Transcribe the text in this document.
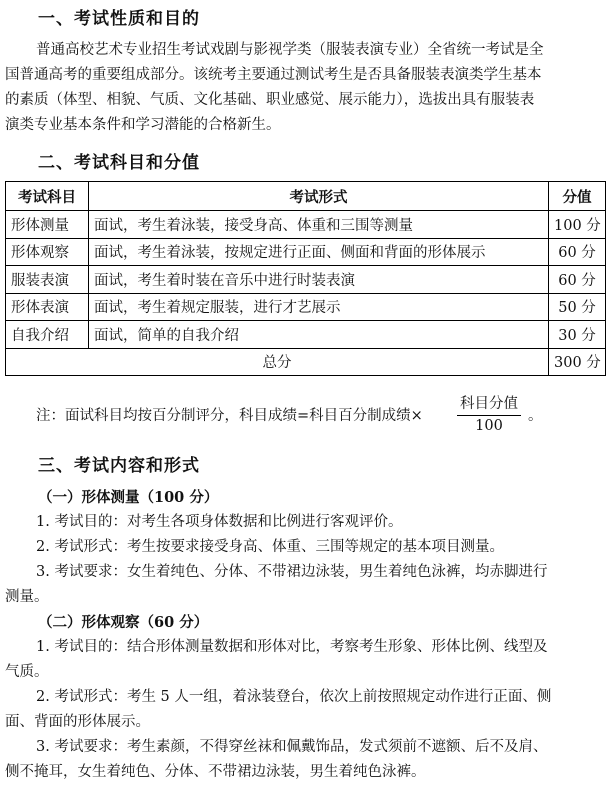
一、考试性质和目的
普通高校艺术专业招生考试戏剧与影视学类（服装表演专业）全省统一考试是全
国普通高考的重要组成部分。该统考主要通过测试考生是否具备服装表演类学生基本
的素质（体型、相貌、气质、文化基础、职业感觉、展示能力），选拔出具有服装表
演类专业基本条件和学习潜能的合格新生。
二、考试科目和分值
考试科目	考试形式	分值
形体测量	面试，考生着泳装，接受身高、体重和三围等测量	100 分
形体观察	面试，考生着泳装，按规定进行正面、侧面和背面的形体展示	60 分
服装表演	面试，考生着时装在音乐中进行时装表演	60 分
形体表演	面试，考生着规定服装，进行才艺展示	50 分
自我介绍	面试，简单的自我介绍	30 分
总分		300 分
注：面试科目均按百分制评分，科目成绩=科目百分制成绩×
科目分值
100
。
三、考试内容和形式
（一）形体测量（100 分）
1. 考试目的：对考生各项身体数据和比例进行客观评价。
2. 考试形式：考生按要求接受身高、体重、三围等规定的基本项目测量。
3. 考试要求：女生着纯色、分体、不带裙边泳装，男生着纯色泳裤，均赤脚进行
测量。
（二）形体观察（60 分）
1. 考试目的：结合形体测量数据和形体对比，考察考生形象、形体比例、线型及
气质。
2. 考试形式：考生 5 人一组，着泳装登台，依次上前按照规定动作进行正面、侧
面、背面的形体展示。
3. 考试要求：考生素颜，不得穿丝袜和佩戴饰品，发式须前不遮额、后不及肩、
侧不掩耳，女生着纯色、分体、不带裙边泳装，男生着纯色泳裤。
